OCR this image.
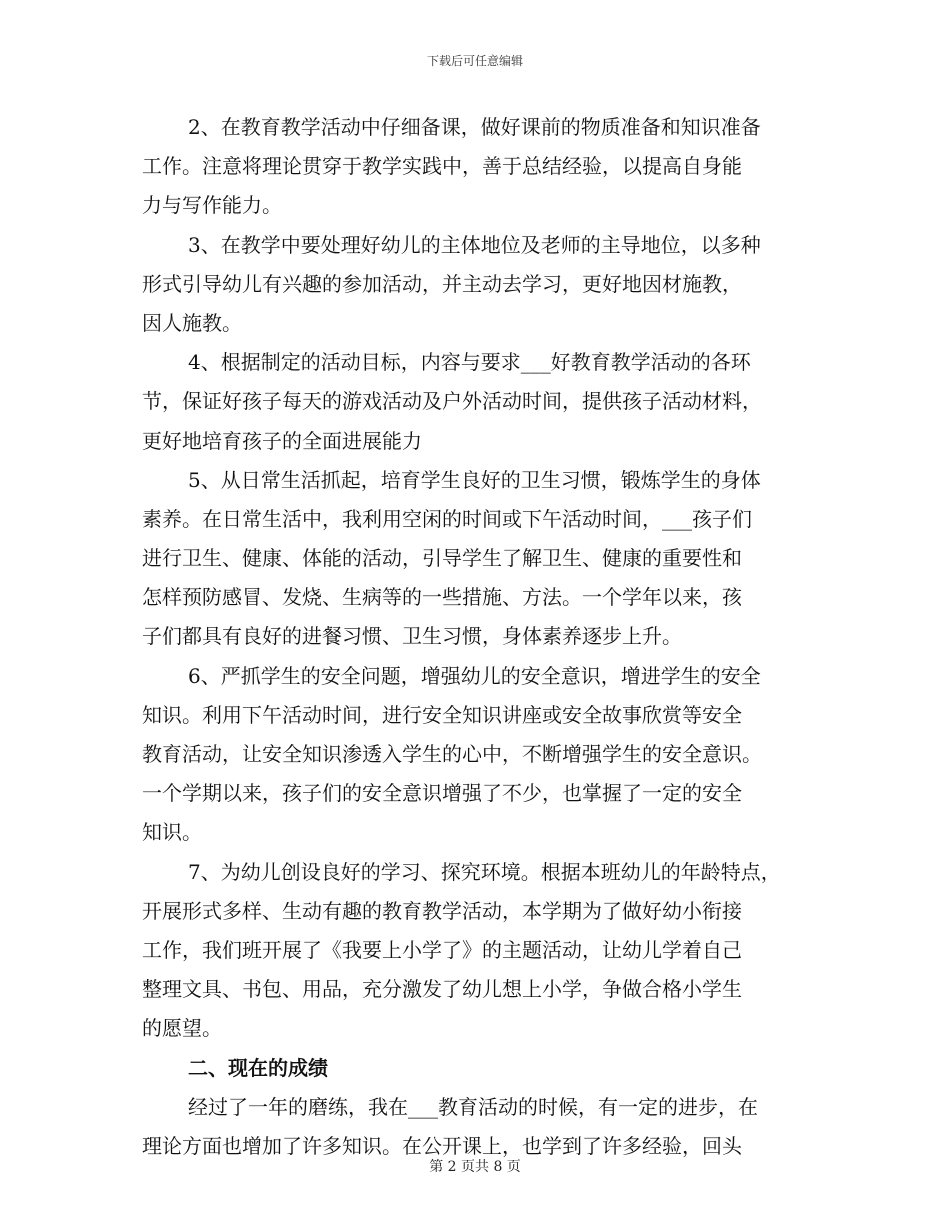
下载后可任意编辑
2、在教育教学活动中仔细备课，做好课前的物质准备和知识准备
工作。注意将理论贯穿于教学实践中，善于总结经验，以提高自身能
力与写作能力。
3、在教学中要处理好幼儿的主体地位及老师的主导地位，以多种
形式引导幼儿有兴趣的参加活动，并主动去学习，更好地因材施教，
因人施教。
4、根据制定的活动目标，内容与要求___好教育教学活动的各环
节，保证好孩子每天的游戏活动及户外活动时间，提供孩子活动材料，
更好地培育孩子的全面进展能力
5、从日常生活抓起，培育学生良好的卫生习惯，锻炼学生的身体
素养。在日常生活中，我利用空闲的时间或下午活动时间，___孩子们
进行卫生、健康、体能的活动，引导学生了解卫生、健康的重要性和
怎样预防感冒、发烧、生病等的一些措施、方法。一个学年以来，孩
子们都具有良好的进餐习惯、卫生习惯，身体素养逐步上升。
6、严抓学生的安全问题，增强幼儿的安全意识，增进学生的安全
知识。利用下午活动时间，进行安全知识讲座或安全故事欣赏等安全
教育活动，让安全知识渗透入学生的心中，不断增强学生的安全意识。
一个学期以来，孩子们的安全意识增强了不少，也掌握了一定的安全
知识。
7、为幼儿创设良好的学习、探究环境。根据本班幼儿的年龄特点，
开展形式多样、生动有趣的教育教学活动，本学期为了做好幼小衔接
工作，我们班开展了《我要上小学了》的主题活动，让幼儿学着自己
整理文具、书包、用品，充分激发了幼儿想上小学，争做合格小学生
的愿望。
二、现在的成绩
经过了一年的磨练，我在___教育活动的时候，有一定的进步，在
理论方面也增加了许多知识。在公开课上，也学到了许多经验，回头
第 2 页共 8 页
